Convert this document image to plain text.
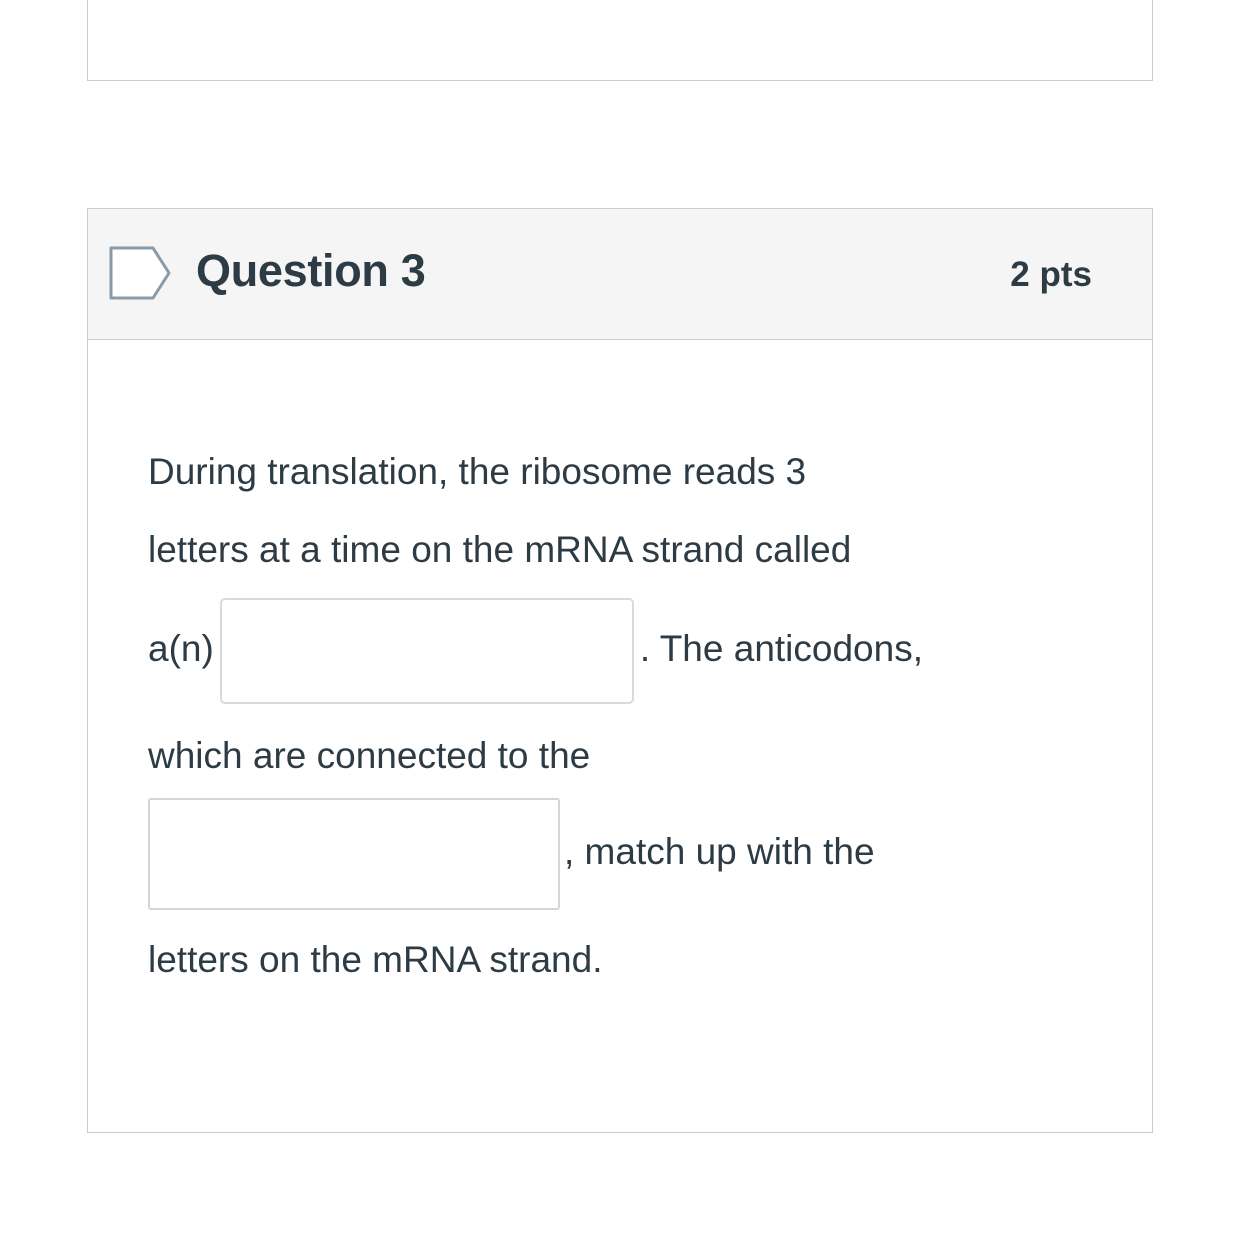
Question 3	2 pts
During translation, the ribosome reads 3
letters at a time on the mRNA strand called
a(n)	. The anticodons,
which are connected to the
, match up with the
letters on the mRNA strand.
